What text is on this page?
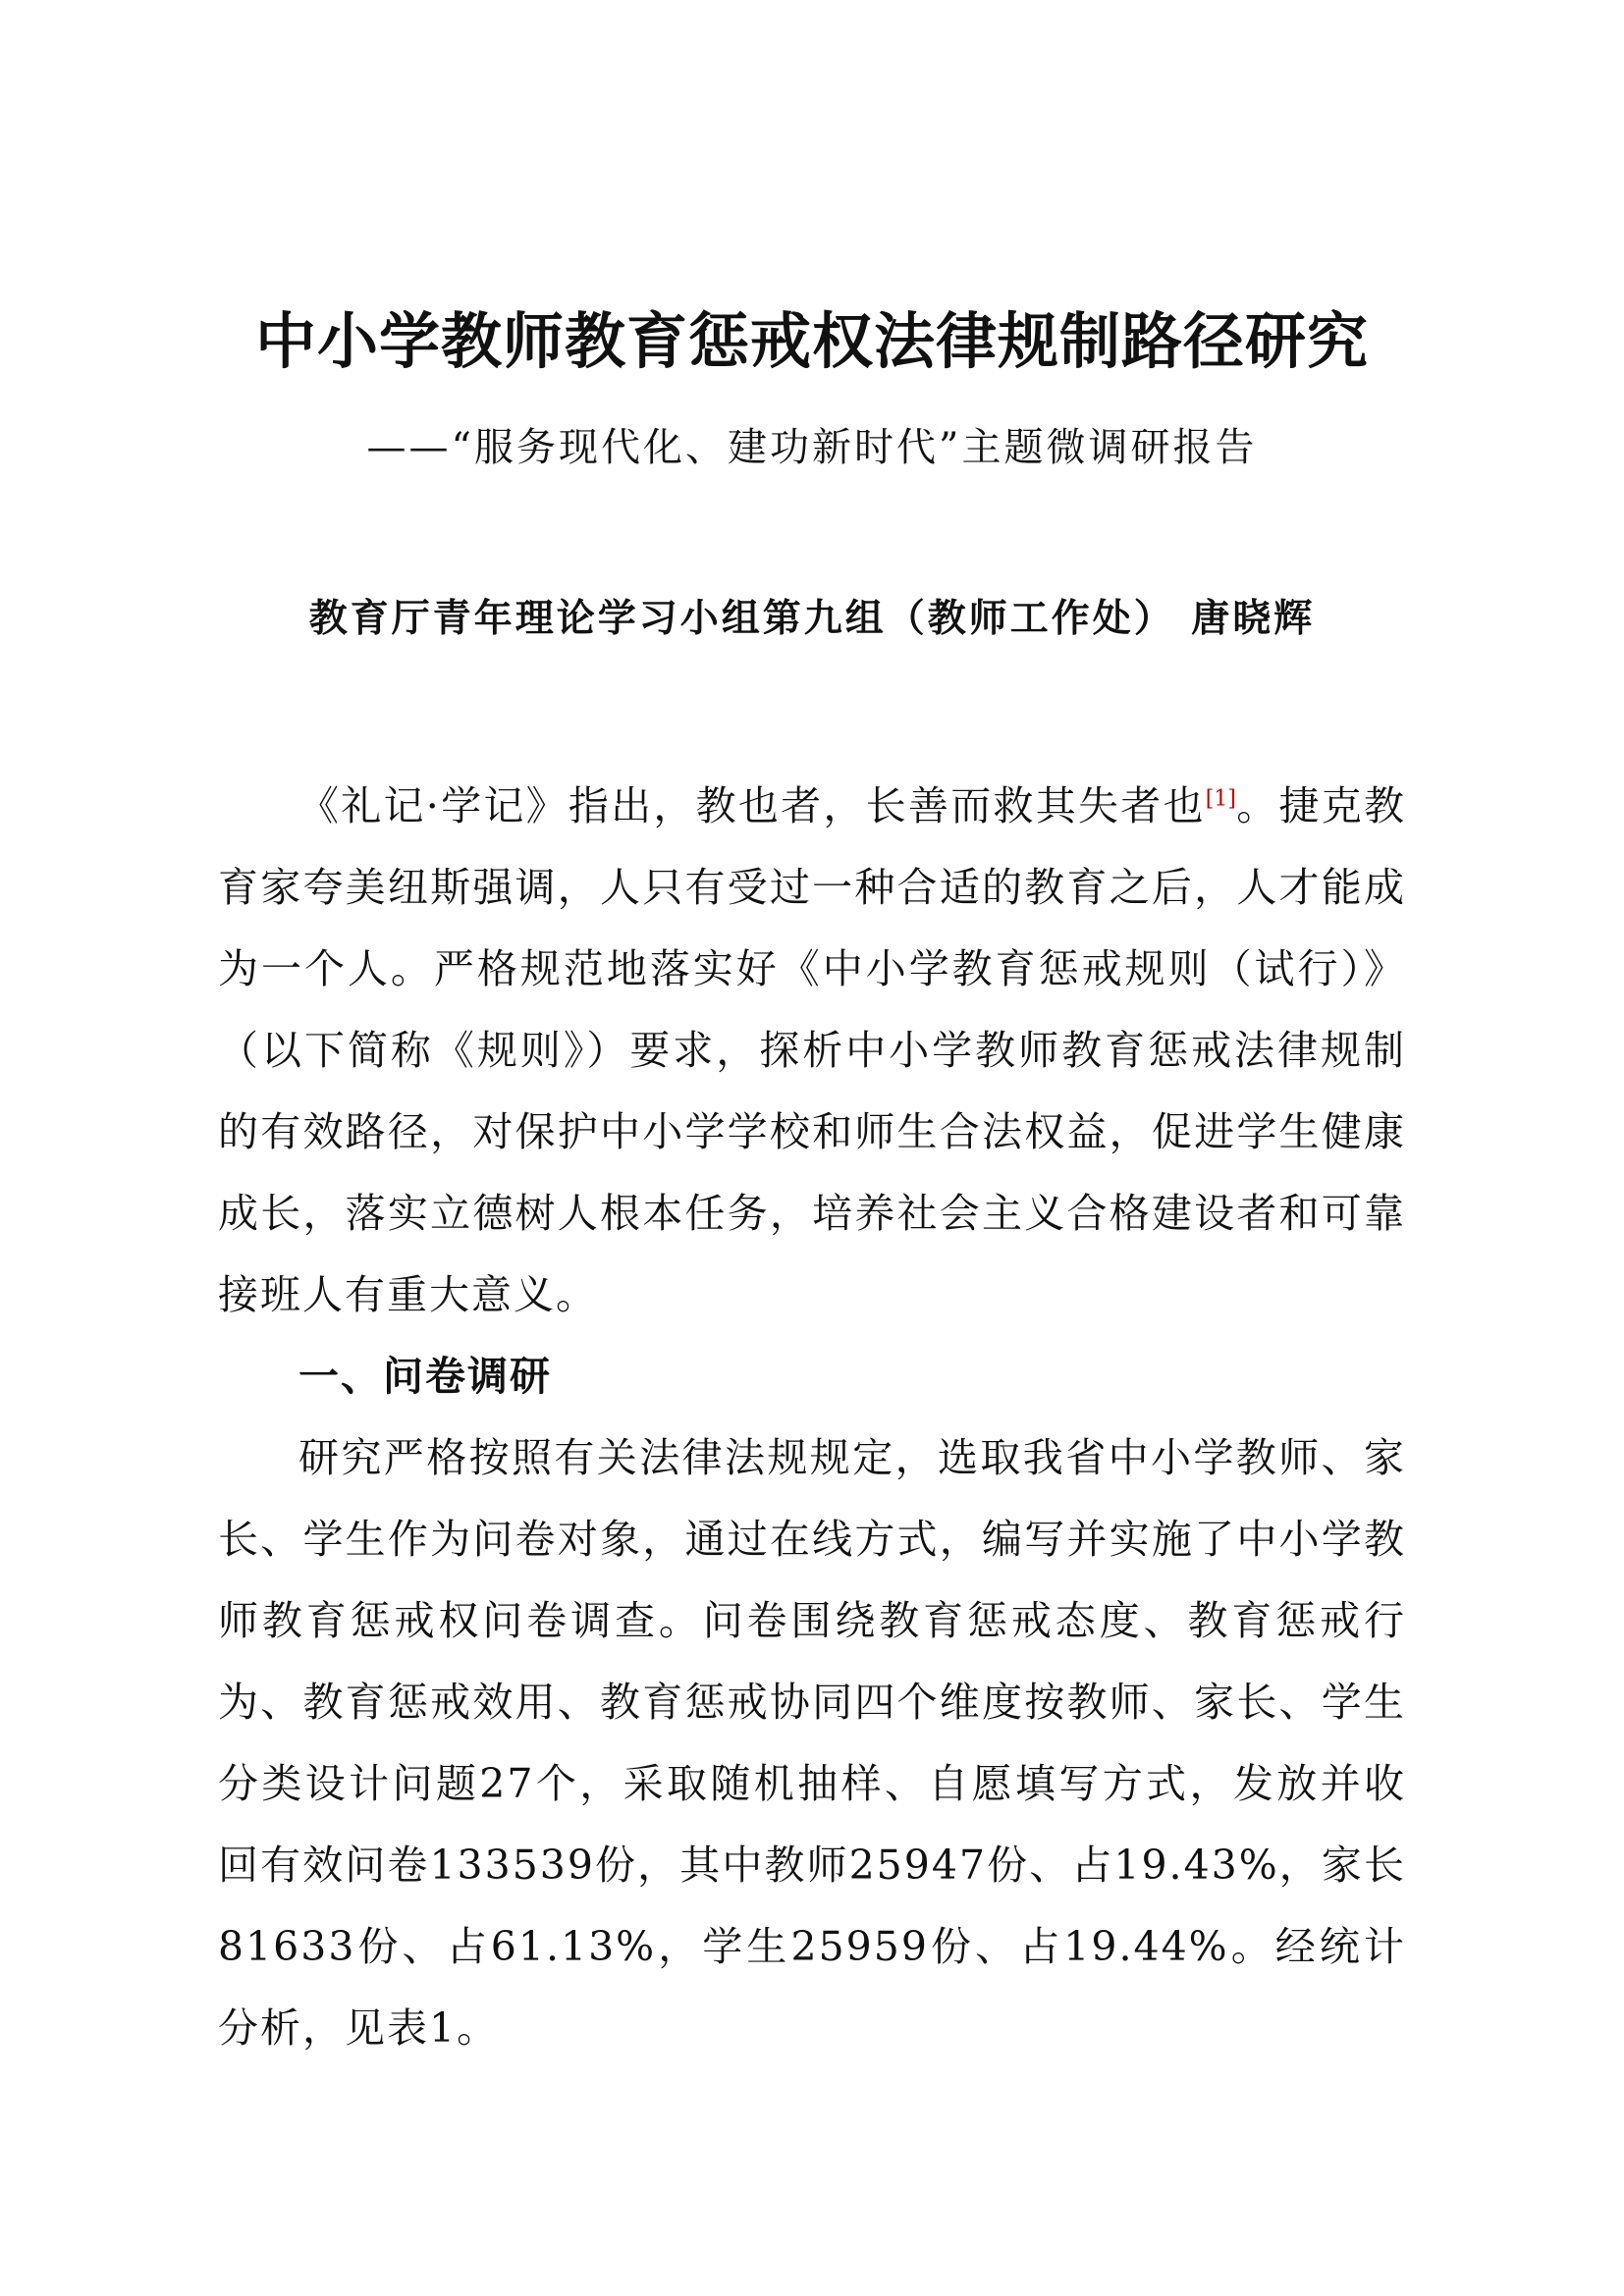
中小学教师教育惩戒权法律规制路径研究
——“服务现代化、建功新时代”主题微调研报告
教育厅青年理论学习小组第九组（教师工作处） 唐晓辉

《礼记·学记》指出，教也者，长善而救其失者也[1]。捷克教育家夸美纽斯强调，人只有受过一种合适的教育之后，人才能成为一个人。严格规范地落实好《中小学教育惩戒规则（试行）》（以下简称《规则》）要求，探析中小学教师教育惩戒法律规制的有效路径，对保护中小学学校和师生合法权益，促进学生健康成长，落实立德树人根本任务，培养社会主义合格建设者和可靠接班人有重大意义。

一、问卷调研

研究严格按照有关法律法规规定，选取我省中小学教师、家长、学生作为问卷对象，通过在线方式，编写并实施了中小学教师教育惩戒权问卷调查。问卷围绕教育惩戒态度、教育惩戒行为、教育惩戒效用、教育惩戒协同四个维度按教师、家长、学生分类设计问题27个，采取随机抽样、自愿填写方式，发放并收回有效问卷133539份，其中教师25947份、占19.43%，家长81633份、占61.13%，学生25959份、占19.44%。经统计分析，见表1。
